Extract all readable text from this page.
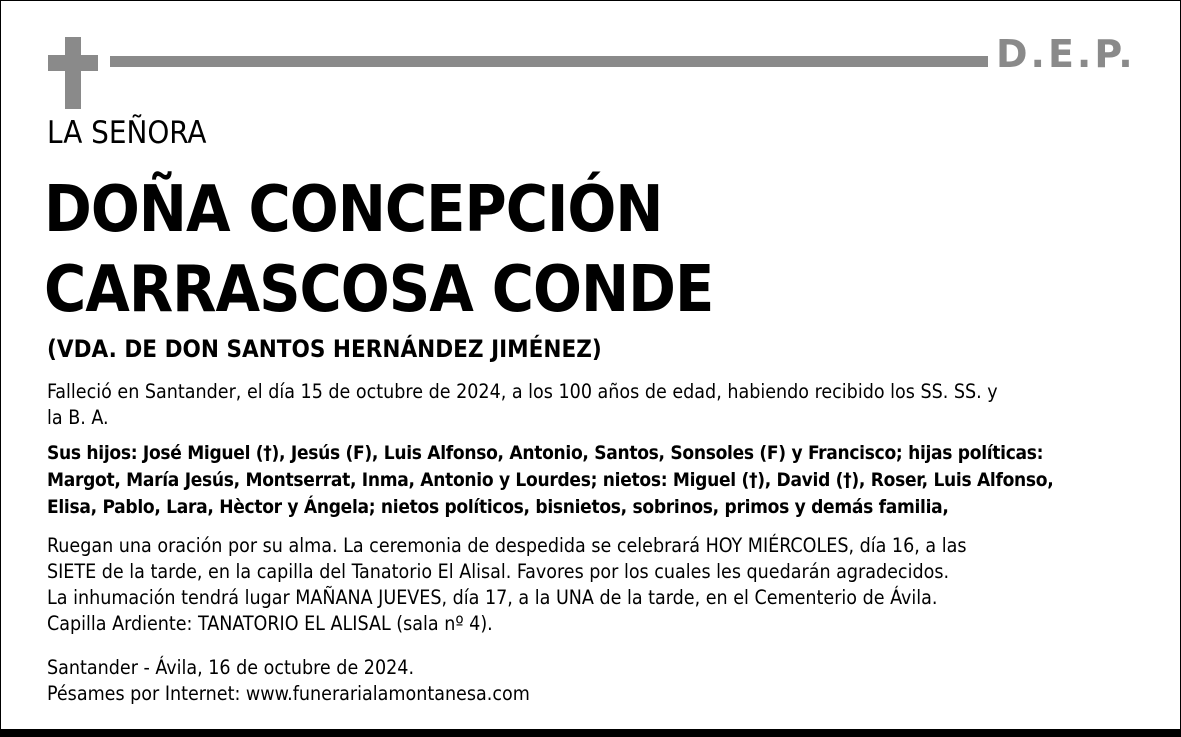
D.E.P.
LA SEÑORA
DOÑA CONCEPCIÓN
CARRASCOSA CONDE
(VDA. DE DON SANTOS HERNÁNDEZ JIMÉNEZ)
Falleció en Santander, el día 15 de octubre de 2024, a los 100 años de edad, habiendo recibido los SS. SS. y
la B. A.
Sus hijos: José Miguel (†), Jesús (F), Luis Alfonso, Antonio, Santos, Sonsoles (F) y Francisco; hijas políticas:
Margot, María Jesús, Montserrat, Inma, Antonio y Lourdes; nietos: Miguel (†), David (†), Roser, Luis Alfonso,
Elisa, Pablo, Lara, Hèctor y Ángela; nietos políticos, bisnietos, sobrinos, primos y demás familia,
Ruegan una oración por su alma. La ceremonia de despedida se celebrará HOY MIÉRCOLES, día 16, a las
SIETE de la tarde, en la capilla del Tanatorio El Alisal. Favores por los cuales les quedarán agradecidos.
La inhumación tendrá lugar MAÑANA JUEVES, día 17, a la UNA de la tarde, en el Cementerio de Ávila.
Capilla Ardiente: TANATORIO EL ALISAL (sala nº 4).
Santander - Ávila, 16 de octubre de 2024.
Pésames por Internet: www.funerarialamontanesa.com
